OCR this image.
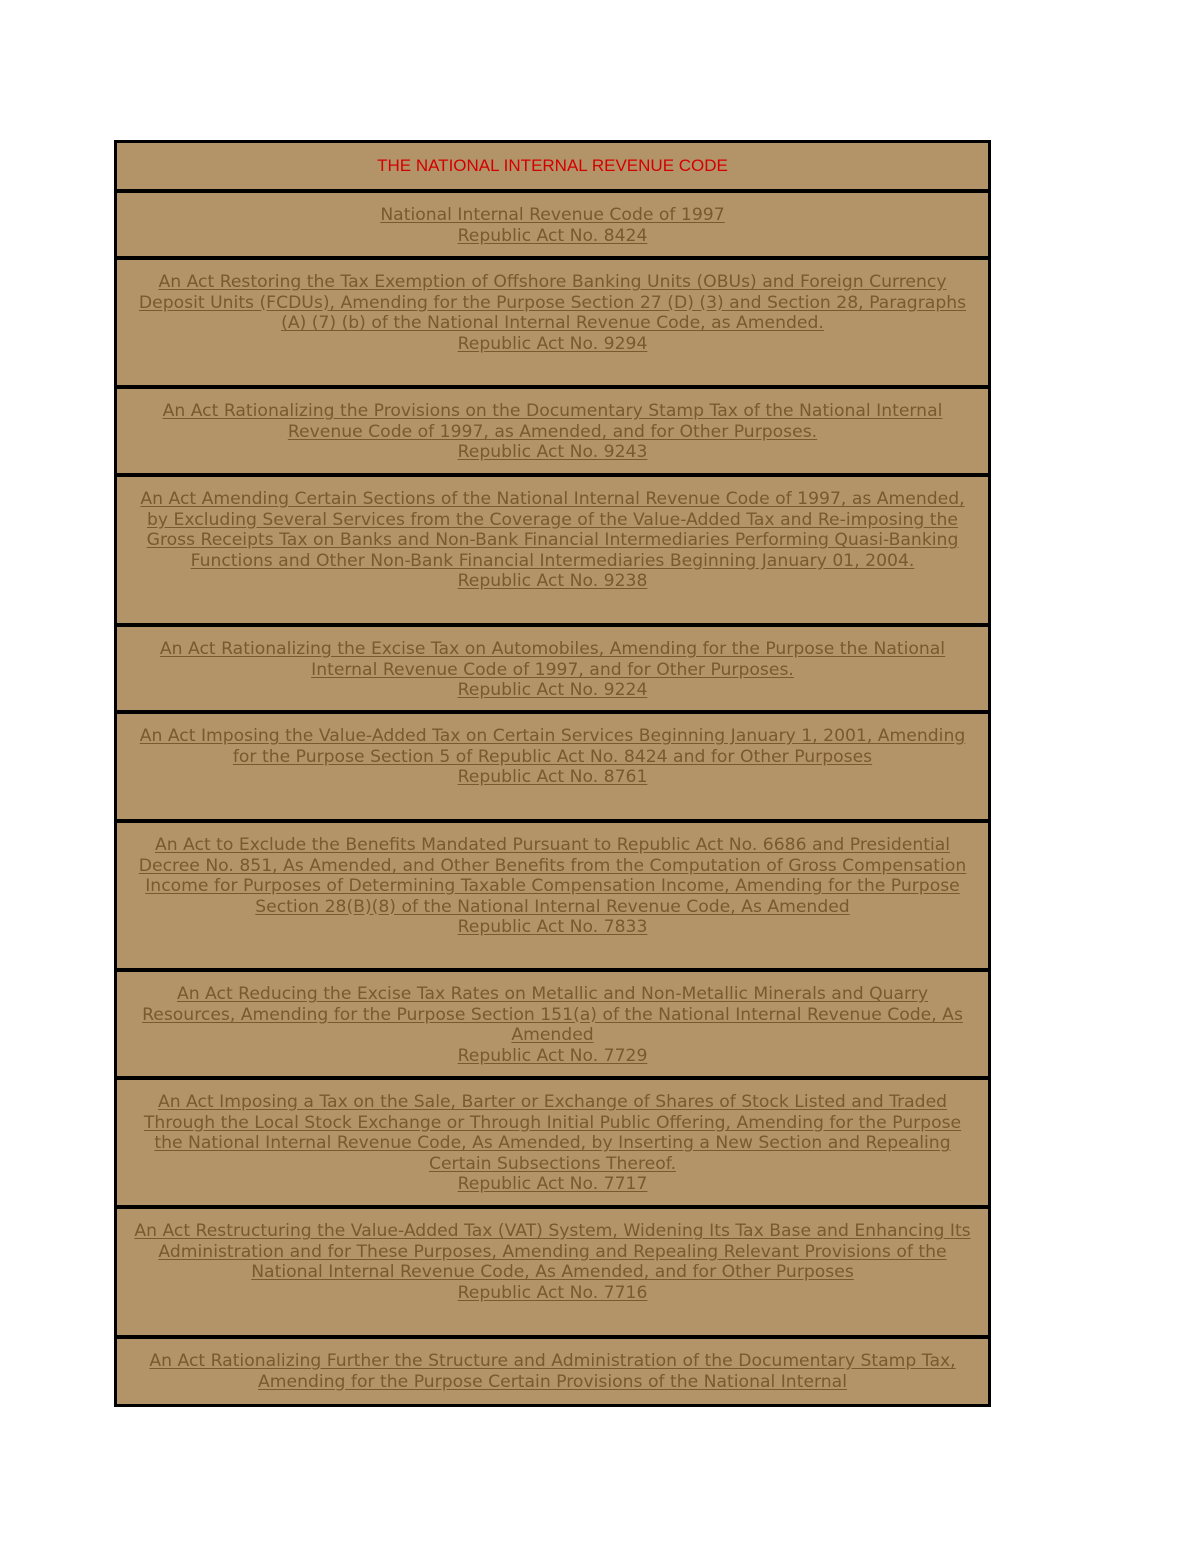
THE NATIONAL INTERNAL REVENUE CODE
National Internal Revenue Code of 1997
Republic Act No. 8424
An Act Restoring the Tax Exemption of Offshore Banking Units (OBUs) and Foreign Currency Deposit Units (FCDUs), Amending for the Purpose Section 27 (D) (3) and Section 28, Paragraphs (A) (7) (b) of the National Internal Revenue Code, as Amended.
Republic Act No. 9294
An Act Rationalizing the Provisions on the Documentary Stamp Tax of the National Internal Revenue Code of 1997, as Amended, and for Other Purposes.
Republic Act No. 9243
An Act Amending Certain Sections of the National Internal Revenue Code of 1997, as Amended, by Excluding Several Services from the Coverage of the Value-Added Tax and Re-imposing the Gross Receipts Tax on Banks and Non-Bank Financial Intermediaries Performing Quasi-Banking Functions and Other Non-Bank Financial Intermediaries Beginning January 01, 2004.
Republic Act No. 9238
An Act Rationalizing the Excise Tax on Automobiles, Amending for the Purpose the National Internal Revenue Code of 1997, and for Other Purposes.
Republic Act No. 9224
An Act Imposing the Value-Added Tax on Certain Services Beginning January 1, 2001, Amending for the Purpose Section 5 of Republic Act No. 8424 and for Other Purposes
Republic Act No. 8761
An Act to Exclude the Benefits Mandated Pursuant to Republic Act No. 6686 and Presidential Decree No. 851, As Amended, and Other Benefits from the Computation of Gross Compensation Income for Purposes of Determining Taxable Compensation Income, Amending for the Purpose Section 28(B)(8) of the National Internal Revenue Code, As Amended
Republic Act No. 7833
An Act Reducing the Excise Tax Rates on Metallic and Non-Metallic Minerals and Quarry Resources, Amending for the Purpose Section 151(a) of the National Internal Revenue Code, As Amended
Republic Act No. 7729
An Act Imposing a Tax on the Sale, Barter or Exchange of Shares of Stock Listed and Traded Through the Local Stock Exchange or Through Initial Public Offering, Amending for the Purpose the National Internal Revenue Code, As Amended, by Inserting a New Section and Repealing Certain Subsections Thereof.
Republic Act No. 7717
An Act Restructuring the Value-Added Tax (VAT) System, Widening Its Tax Base and Enhancing Its Administration and for These Purposes, Amending and Repealing Relevant Provisions of the National Internal Revenue Code, As Amended, and for Other Purposes
Republic Act No. 7716
An Act Rationalizing Further the Structure and Administration of the Documentary Stamp Tax, Amending for the Purpose Certain Provisions of the National Internal
